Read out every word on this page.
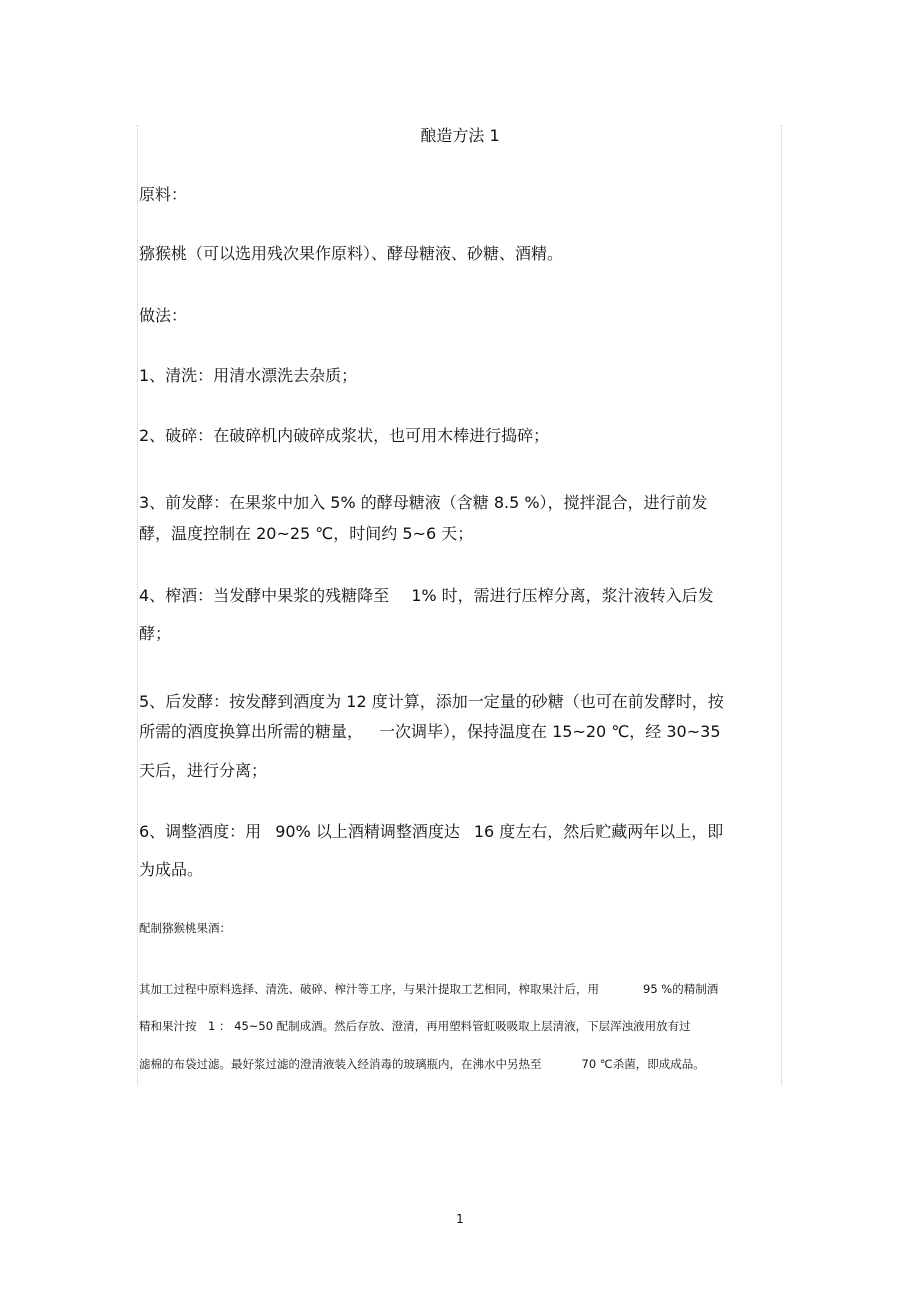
酿造方法 1
原料：
猕猴桃（可以选用残次果作原料）、酵母糖液、砂糖、酒精。
做法：
1、清洗：用清水漂洗去杂质；
2、破碎：在破碎机内破碎成浆状，也可用木棒进行捣碎；
3、前发酵：在果浆中加入 5% 的酵母糖液（含糖 8.5 %），搅拌混合，进行前发
酵，温度控制在 20~25 ℃，时间约 5~6 天；
4、榨酒：当发酵中果浆的残糖降至 1% 时，需进行压榨分离，浆汁液转入后发
酵；
5、后发酵：按发酵到酒度为 12 度计算，添加一定量的砂糖（也可在前发酵时，按
所需的酒度换算出所需的糖量， 一次调毕），保持温度在 15~20 ℃，经 30~35
天后，进行分离；
6、调整酒度：用 90% 以上酒精调整酒度达 16 度左右，然后贮藏两年以上，即
为成品。
配制猕猴桃果酒：
其加工过程中原料选择、清洗、破碎、榨汁等工序，与果汁提取工艺相同，榨取果汁后，用	95 %的精制酒
精和果汁按　1 ： 45~50 配制成酒。然后存放、澄清，再用塑料管虹吸吸取上层清液，下层浑浊液用放有过
滤棉的布袋过滤。最好浆过滤的澄清液装入经消毒的玻璃瓶内，在沸水中另热至	70 ℃杀菌，即成成品。
1
